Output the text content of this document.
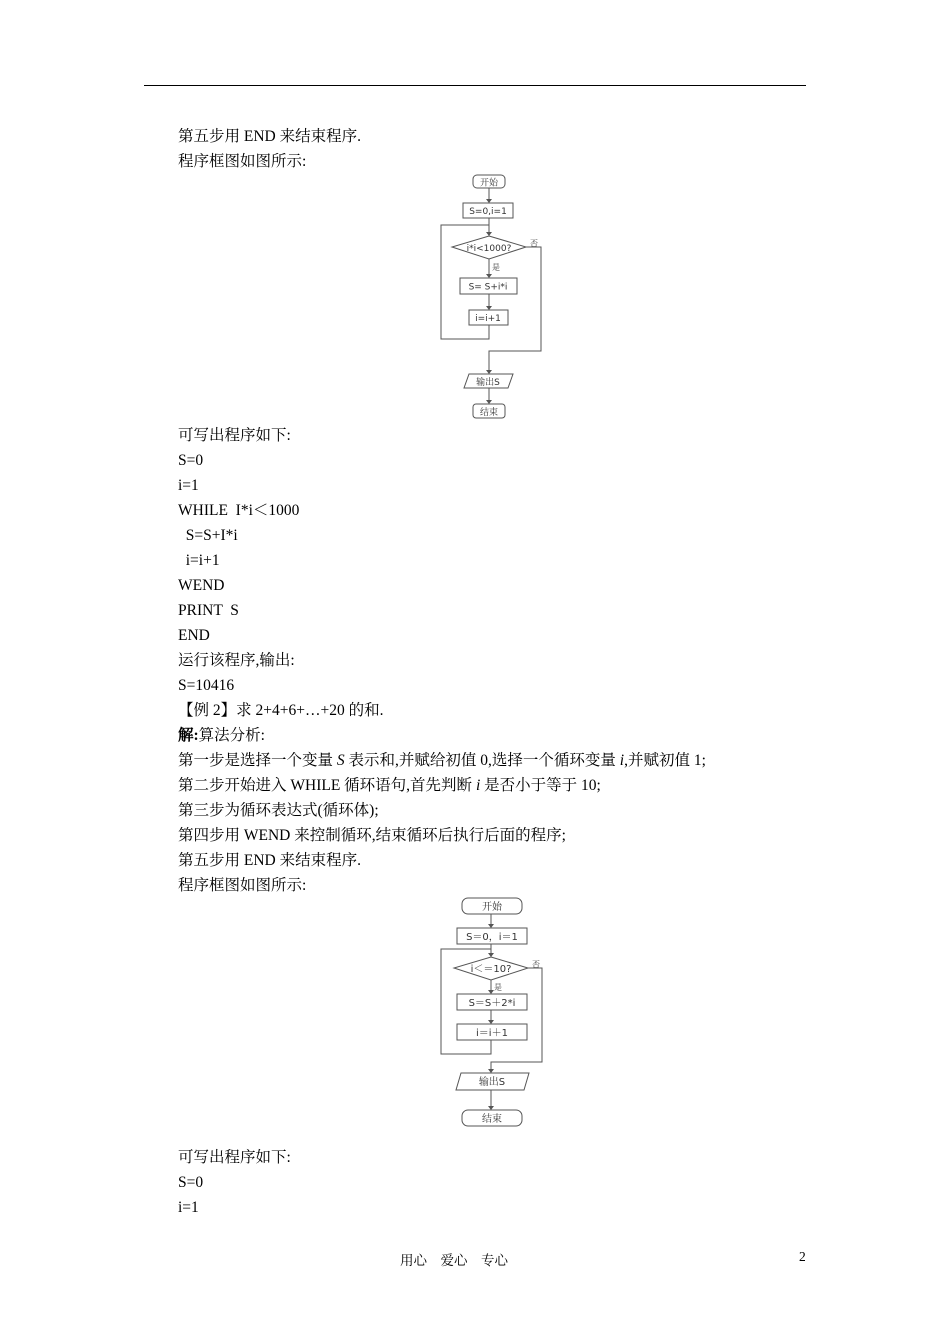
第五步用 END 来结束程序.
程序框图如图所示:
开始
S=0,i=1
i*i<1000?
否
是
S= S+i*i
i=i+1
输出S
结束
可写出程序如下:
S=0
i=1
WHILE  I*i＜1000
S=S+I*i
i=i+1
WEND
PRINT  S
END
运行该程序,输出:
S=10416
【例 2】求 2+4+6+…+20 的和.
解:算法分析:
第一步是选择一个变量 S 表示和,并赋给初值 0,选择一个循环变量 i,并赋初值 1;
第二步开始进入 WHILE 循环语句,首先判断 i 是否小于等于 10;
第三步为循环表达式(循环体);
第四步用 WEND 来控制循环,结束循环后执行后面的程序;
第五步用 END 来结束程序.
程序框图如图所示:
开始
S＝0，i＝1
i＜＝10?	否
是
S＝S＋2*i
i＝i＋1
输出S
结束
可写出程序如下:
S=0
i=1
用心    爱心    专心	2
